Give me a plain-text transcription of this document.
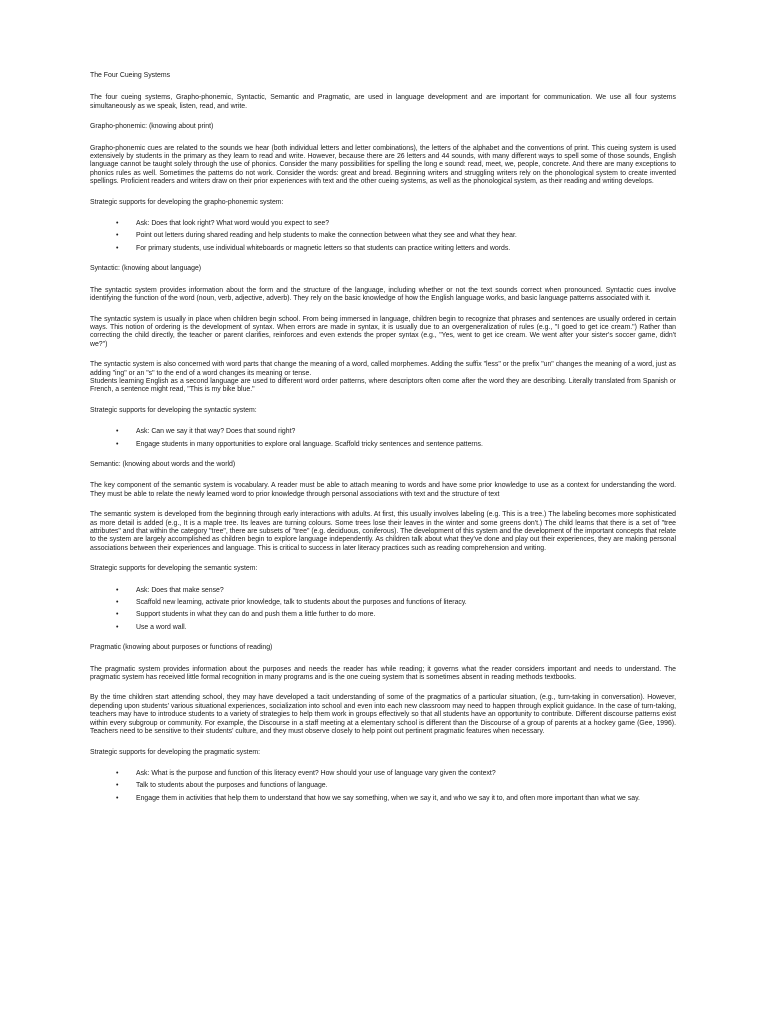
The Four Cueing Systems
The four cueing systems, Grapho-phonemic, Syntactic, Semantic and Pragmatic, are used in language development and are important for communication. We use all four systems simultaneously as we speak, listen, read, and write.
Grapho-phonemic: (knowing about print)
Grapho-phonemic cues are related to the sounds we hear (both individual letters and letter combinations), the letters of the alphabet and the conventions of print. This cueing system is used extensively by students in the primary as they learn to read and write. However, because there are 26 letters and 44 sounds, with many different ways to spell some of those sounds, English language cannot be taught solely through the use of phonics. Consider the many possibilities for spelling the long e sound: read, meet, we, people, concrete. And there are many exceptions to phonics rules as well. Sometimes the patterns do not work. Consider the words: great and bread. Beginning writers and struggling writers rely on the phonological system to create invented spellings. Proficient readers and writers draw on their prior experiences with text and the other cueing systems, as well as the phonological system, as their reading and writing develops.
Strategic supports for developing the grapho-phonemic system:
•	Ask: Does that look right? What word would you expect to see?
•	Point out letters during shared reading and help students to make the connection between what they see and what they hear.
•	For primary students, use individual whiteboards or magnetic letters so that students can practice writing letters and words.
Syntactic: (knowing about language)
The syntactic system provides information about the form and the structure of the language, including whether or not the text sounds correct when pronounced. Syntactic cues involve identifying the function of the word (noun, verb, adjective, adverb). They rely on the basic knowledge of how the English language works, and basic language patterns associated with it.
The syntactic system is usually in place when children begin school. From being immersed in language, children begin to recognize that phrases and sentences are usually ordered in certain ways. This notion of ordering is the development of syntax. When errors are made in syntax, it is usually due to an overgeneralization of rules (e.g., "I goed to get ice cream.") Rather than correcting the child directly, the teacher or parent clarifies, reinforces and even extends the proper syntax (e.g., "Yes, went to get ice cream. We went after your sister's soccer game, didn't we?")
The syntactic system is also concerned with word parts that change the meaning of a word, called morphemes. Adding the suffix "less" or the prefix "un" changes the meaning of a word, just as adding "ing" or an "s" to the end of a word changes its meaning or tense.
Students learning English as a second language are used to different word order patterns, where descriptors often come after the word they are describing. Literally translated from Spanish or French, a sentence might read, "This is my bike blue."
Strategic supports for developing the syntactic system:
•	Ask: Can we say it that way? Does that sound right?
•	Engage students in many opportunities to explore oral language. Scaffold tricky sentences and sentence patterns.
Semantic: (knowing about words and the world)
The key component of the semantic system is vocabulary. A reader must be able to attach meaning to words and have some prior knowledge to use as a context for understanding the word. They must be able to relate the newly learned word to prior knowledge through personal associations with text and the structure of text
The semantic system is developed from the beginning through early interactions with adults. At first, this usually involves labeling (e.g. This is a tree.) The labeling becomes more sophisticated as more detail is added (e.g., It is a maple tree. Its leaves are turning colours. Some trees lose their leaves in the winter and some greens don't.) The child learns that there is a set of "tree attributes" and that within the category "tree", there are subsets of "tree" (e.g. deciduous, coniferous). The development of this system and the development of the important concepts that relate to the system are largely accomplished as children begin to explore language independently. As children talk about what they've done and play out their experiences, they are making personal associations between their experiences and language. This is critical to success in later literacy practices such as reading comprehension and writing.
Strategic supports for developing the semantic system:
•	Ask: Does that make sense?
•	Scaffold new learning, activate prior knowledge, talk to students about the purposes and functions of literacy.
•	Support students in what they can do and push them a little further to do more.
•	Use a word wall.
Pragmatic (knowing about purposes or functions of reading)
The pragmatic system provides information about the purposes and needs the reader has while reading; it governs what the reader considers important and needs to understand. The pragmatic system has received little formal recognition in many programs and is the one cueing system that is sometimes absent in reading methods textbooks.
By the time children start attending school, they may have developed a tacit understanding of some of the pragmatics of a particular situation, (e.g., turn-taking in conversation). However, depending upon students' various situational experiences, socialization into school and even into each new classroom may need to happen through explicit guidance. In the case of turn-taking, teachers may have to introduce students to a variety of strategies to help them work in groups effectively so that all students have an opportunity to contribute. Different discourse patterns exist within every subgroup or community. For example, the Discourse in a staff meeting at a elementary school is different than the Discourse of a group of parents at a hockey game (Gee, 1996). Teachers need to be sensitive to their students' culture, and they must observe closely to help point out pertinent pragmatic features when necessary.
Strategic supports for developing the pragmatic system:
•	Ask: What is the purpose and function of this literacy event? How should your use of language vary given the context?
•	Talk to students about the purposes and functions of language.
•	Engage them in activities that help them to understand that how we say something, when we say it, and who we say it to, and often more important than what we say.
